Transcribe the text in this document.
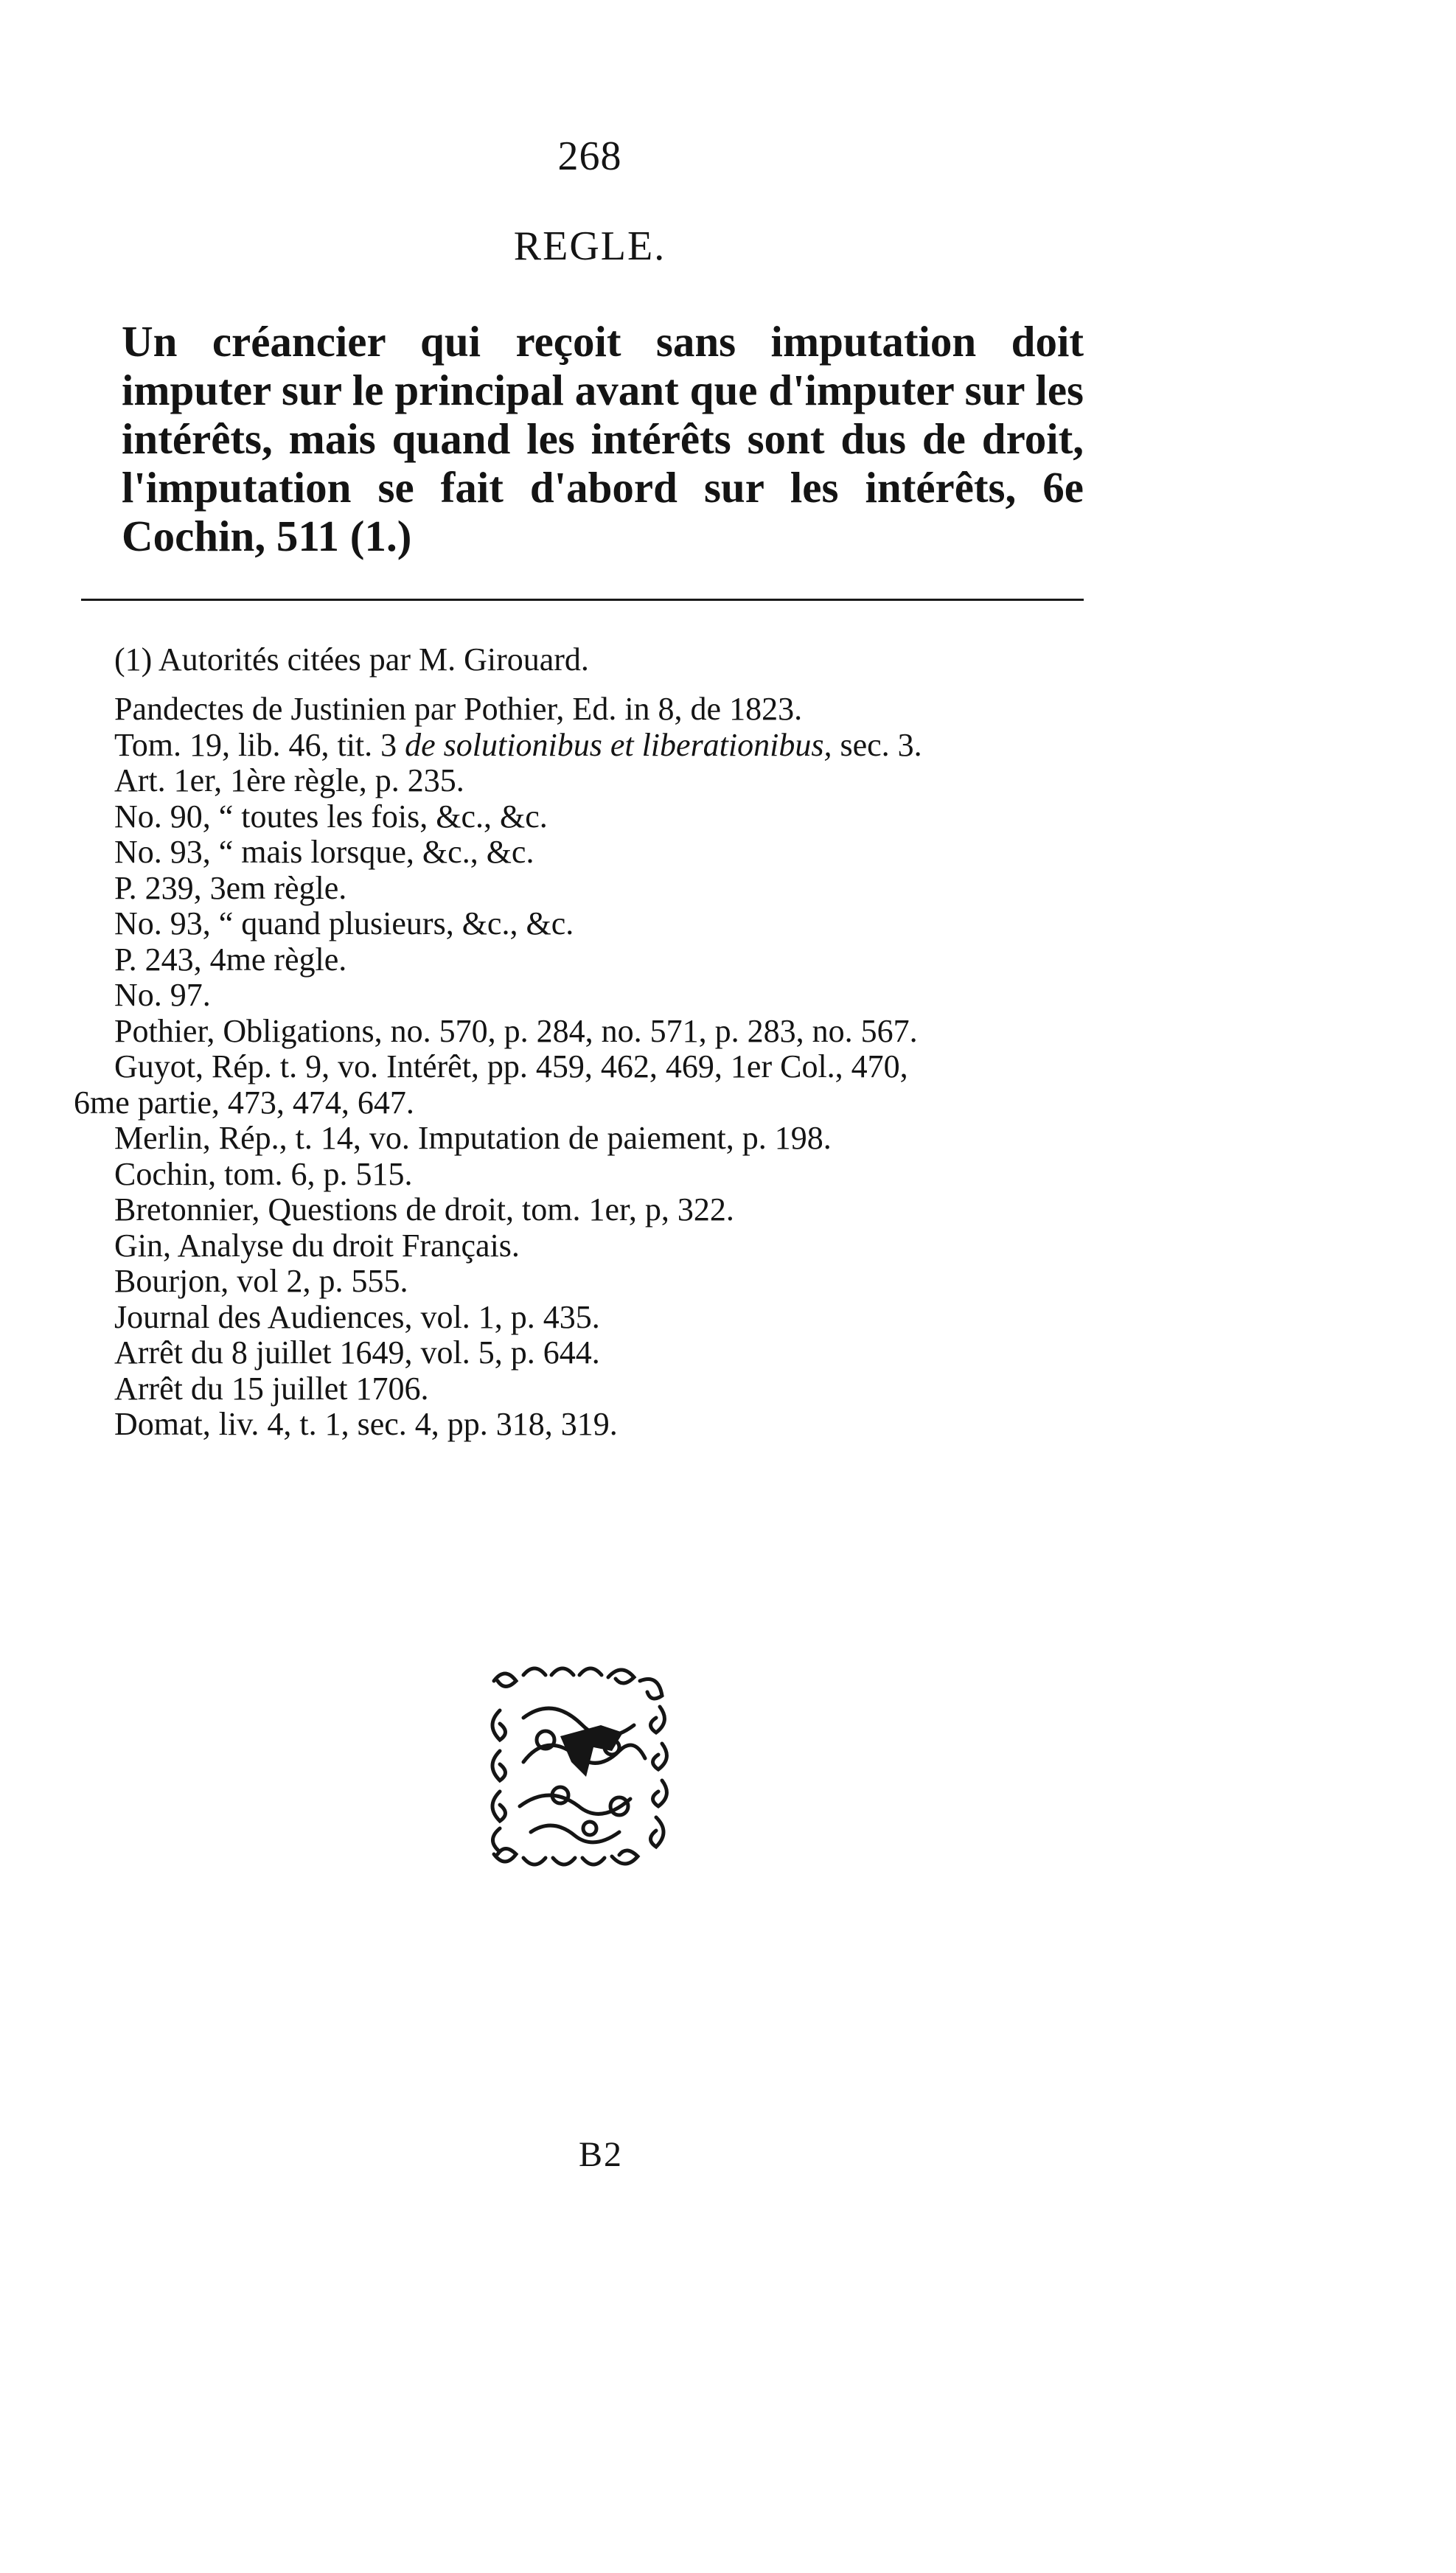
268
REGLE.
Un créancier qui reçoit sans imputation doit imputer sur le principal avant que d'imputer sur les intérêts, mais quand les intérêts sont dus de droit, l'imputation se fait d'abord sur les intérêts, 6e Cochin, 511 (1.)
(1) Autorités citées par M. Girouard.
Pandectes de Justinien par Pothier, Ed. in 8, de 1823.
Tom. 19, lib. 46, tit. 3 de solutionibus et liberationibus, sec. 3.
Art. 1er, 1ère règle, p. 235.
No. 90, “ toutes les fois, &c., &c.
No. 93, “ mais lorsque, &c., &c.
P. 239, 3em règle.
No. 93, “ quand plusieurs, &c., &c.
P. 243, 4me règle.
No. 97.
Pothier, Obligations, no. 570, p. 284, no. 571, p. 283, no. 567.
Guyot, Rép. t. 9, vo. Intérêt, pp. 459, 462, 469, 1er Col., 470,
6me partie, 473, 474, 647.
Merlin, Rép., t. 14, vo. Imputation de paiement, p. 198.
Cochin, tom. 6, p. 515.
Bretonnier, Questions de droit, tom. 1er, p, 322.
Gin, Analyse du droit Français.
Bourjon, vol 2, p. 555.
Journal des Audiences, vol. 1, p. 435.
Arrêt du 8 juillet 1649, vol. 5, p. 644.
Arrêt du 15 juillet 1706.
Domat, liv. 4, t. 1, sec. 4, pp. 318, 319.
B2
